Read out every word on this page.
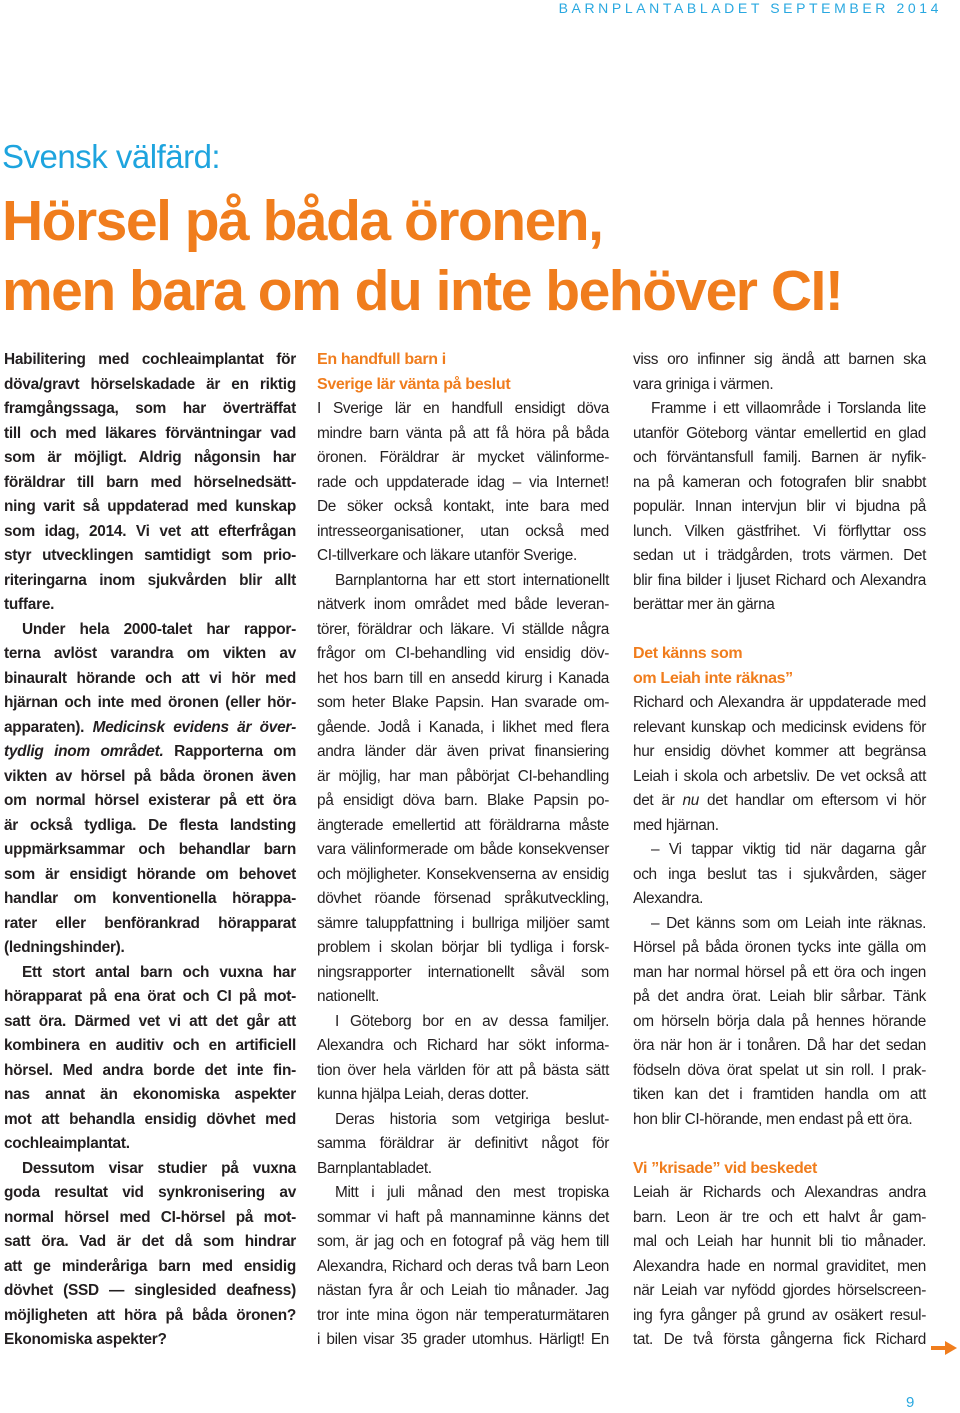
BARNPLANTABLADET SEPTEMBER 2014
Svensk välfärd:
Hörsel på båda öronen,
men bara om du inte behöver CI!
Habilitering med cochleaimplantat för
döva/gravt hörselskadade är en riktig
framgångssaga, som har överträffat
till och med läkares förväntningar vad
som är möjligt. Aldrig någonsin har
föräldrar till barn med hörselnedsätt-
ning varit så uppdaterad med kunskap
som idag, 2014. Vi vet att efterfrågan
styr utvecklingen samtidigt som prio-
riteringarna inom sjukvården blir allt
tuffare.
Under hela 2000-talet har rappor-
terna avlöst varandra om vikten av
binauralt hörande och att vi hör med
hjärnan och inte med öronen (eller hör-
apparaten). Medicinsk evidens är över-
tydlig inom området. Rapporterna om
vikten av hörsel på båda öronen även
om normal hörsel existerar på ett öra
är också tydliga. De flesta landsting
uppmärksammar och behandlar barn
som är ensidigt hörande om behovet
handlar om konventionella hörappa-
rater eller benförankrad hörapparat
(ledningshinder).
Ett stort antal barn och vuxna har
hörapparat på ena örat och CI på mot-
satt öra. Därmed vet vi att det går att
kombinera en auditiv och en artificiell
hörsel. Med andra borde det inte fin-
nas annat än ekonomiska aspekter
mot att behandla ensidig dövhet med
cochleaimplantat.
Dessutom visar studier på vuxna
goda resultat vid synkronisering av
normal hörsel med CI-hörsel på mot-
satt öra. Vad är det då som hindrar
att ge minderåriga barn med ensidig
dövhet (SSD — singlesided deafness)
möjligheten att höra på båda öronen?
Ekonomiska aspekter?
En handfull barn i
Sverige lär vänta på beslut
I Sverige lär en handfull ensidigt döva
mindre barn vänta på att få höra på båda
öronen. Föräldrar är mycket välinforme-
rade och uppdaterade idag – via Internet!
De söker också kontakt, inte bara med
intresseorganisationer, utan också med
CI-tillverkare och läkare utanför Sverige.
Barnplantorna har ett stort internationellt
nätverk inom området med både leveran-
törer, föräldrar och läkare. Vi ställde några
frågor om CI-behandling vid ensidig döv-
het hos barn till en ansedd kirurg i Kanada
som heter Blake Papsin. Han svarade om-
gående. Jodå i Kanada, i likhet med flera
andra länder där även privat finansiering
är möjlig, har man påbörjat CI-behandling
på ensidigt döva barn. Blake Papsin po-
ängterade emellertid att föräldrarna måste
vara välinformerade om både konsekvenser
och möjligheter. Konsekvenserna av ensidig
dövhet röande försenad språkutveckling,
sämre taluppfattning i bullriga miljöer samt
problem i skolan börjar bli tydliga i forsk-
ningsrapporter internationellt såväl som
nationellt.
I Göteborg bor en av dessa familjer.
Alexandra och Richard har sökt informa-
tion över hela världen för att på bästa sätt
kunna hjälpa Leiah, deras dotter.
Deras historia som vetgiriga beslut-
samma föräldrar är definitivt något för
Barnplantabladet.
Mitt i juli månad den mest tropiska
sommar vi haft på mannaminne känns det
som, är jag och en fotograf på väg hem till
Alexandra, Richard och deras två barn Leon
nästan fyra år och Leiah tio månader. Jag
tror inte mina ögon när temperaturmätaren
i bilen visar 35 grader utomhus. Härligt! En
viss oro infinner sig ändå att barnen ska
vara griniga i värmen.
Framme i ett villaområde i Torslanda lite
utanför Göteborg väntar emellertid en glad
och förväntansfull familj. Barnen är nyfik-
na på kameran och fotografen blir snabbt
populär. Innan intervjun blir vi bjudna på
lunch. Vilken gästfrihet. Vi förflyttar oss
sedan ut i trädgården, trots värmen. Det
blir fina bilder i ljuset Richard och Alexandra
berättar mer än gärna
Det känns som
om Leiah inte räknas”
Richard och Alexandra är uppdaterade med
relevant kunskap och medicinsk evidens för
hur ensidig dövhet kommer att begränsa
Leiah i skola och arbetsliv. De vet också att
det är nu det handlar om eftersom vi hör
med hjärnan.
– Vi tappar viktig tid när dagarna går
och inga beslut tas i sjukvården, säger
Alexandra.
– Det känns som om Leiah inte räknas.
Hörsel på båda öronen tycks inte gälla om
man har normal hörsel på ett öra och ingen
på det andra örat. Leiah blir sårbar. Tänk
om hörseln börja dala på hennes hörande
öra när hon är i tonåren. Då har det sedan
födseln döva örat spelat ut sin roll. I prak-
tiken kan det i framtiden handla om att
hon blir CI-hörande, men endast på ett öra.
Vi ”krisade” vid beskedet
Leiah är Richards och Alexandras andra
barn. Leon är tre och ett halvt år gam-
mal och Leiah har hunnit bli tio månader.
Alexandra hade en normal graviditet, men
när Leiah var nyfödd gjordes hörselscreen-
ing fyra gånger på grund av osäkert resul-
tat. De två första gångerna fick Richard
9
